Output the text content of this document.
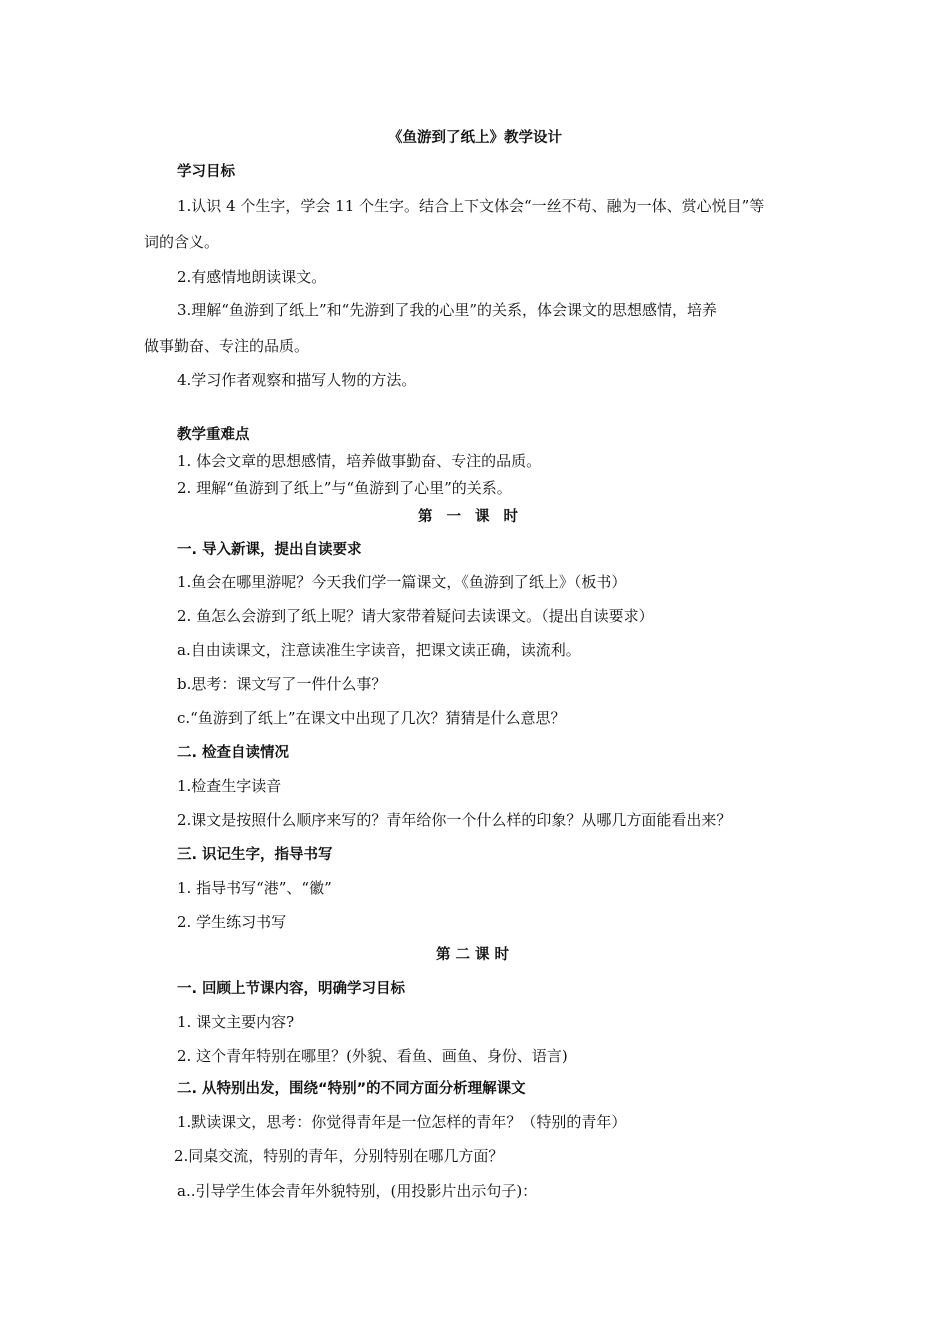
《鱼游到了纸上》教学设计
学习目标
1.认识 4 个生字，学会 11 个生字。结合上下文体会“一丝不苟、融为一体、赏心悦目”等
词的含义。
2.有感情地朗读课文。
3.理解“鱼游到了纸上”和“先游到了我的心里”的关系，体会课文的思想感情，培养
做事勤奋、专注的品质。
4.学习作者观察和描写人物的方法。
教学重难点
1. 体会文章的思想感情，培养做事勤奋、专注的品质。
2. 理解“鱼游到了纸上”与“鱼游到了心里”的关系。
第一课时
一. 导入新课，提出自读要求
1.鱼会在哪里游呢？今天我们学一篇课文，《鱼游到了纸上》（板书）
2. 鱼怎么会游到了纸上呢？请大家带着疑问去读课文。（提出自读要求）
a.自由读课文，注意读准生字读音，把课文读正确，读流利。
b.思考：课文写了一件什么事？
c.“鱼游到了纸上”在课文中出现了几次？猜猜是什么意思？
二. 检查自读情况
1.检查生字读音
2.课文是按照什么顺序来写的？青年给你一个什么样的印象？从哪几方面能看出来？
三. 识记生字，指导书写
1. 指导书写“港”、“徽”
2. 学生练习书写
第二课时
一. 回顾上节课内容，明确学习目标
1. 课文主要内容?
2. 这个青年特别在哪里？(外貌、看鱼、画鱼、身份、语言)
二. 从特别出发，围绕“特别”的不同方面分析理解课文
1.默读课文，思考：你觉得青年是一位怎样的青年？（特别的青年）
2.同桌交流，特别的青年，分别特别在哪几方面？
a..引导学生体会青年外貌特别，(用投影片出示句子)：
